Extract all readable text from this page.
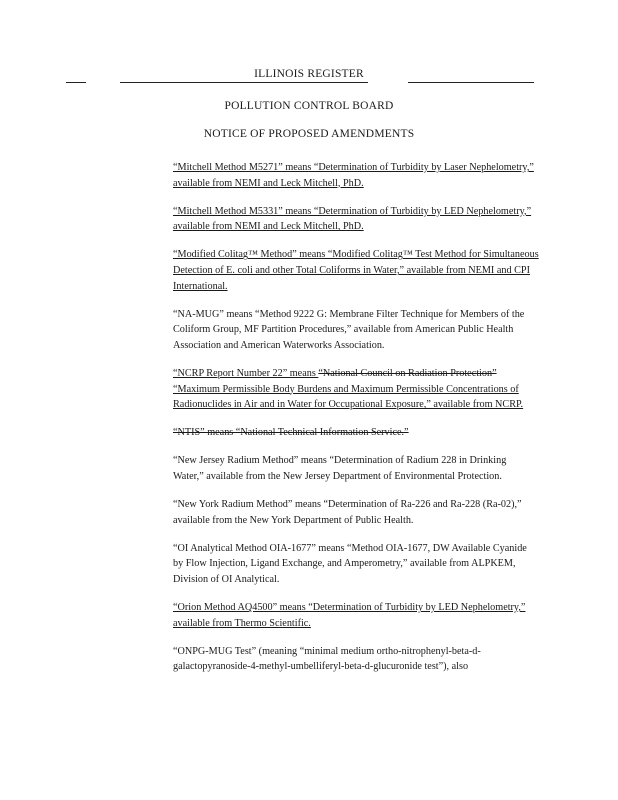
ILLINOIS REGISTER
POLLUTION CONTROL BOARD
NOTICE OF PROPOSED AMENDMENTS

“Mitchell Method M5271” means “Determination of Turbidity by Laser Nephelometry,” available from NEMI and Leck Mitchell, PhD.

“Mitchell Method M5331” means “Determination of Turbidity by LED Nephelometry,” available from NEMI and Leck Mitchell, PhD.

“Modified Colitag™ Method” means “Modified Colitag™ Test Method for Simultaneous Detection of E. coli and other Total Coliforms in Water,” available from NEMI and CPI International.

“NA-MUG” means “Method 9222 G: Membrane Filter Technique for Members of the Coliform Group, MF Partition Procedures,” available from American Public Health Association and American Waterworks Association.

“NCRP Report Number 22” means “National Council on Radiation Protection” “Maximum Permissible Body Burdens and Maximum Permissible Concentrations of Radionuclides in Air and in Water for Occupational Exposure,” available from NCRP.

“NTIS” means “National Technical Information Service.”

“New Jersey Radium Method” means “Determination of Radium 228 in Drinking Water,” available from the New Jersey Department of Environmental Protection.

“New York Radium Method” means “Determination of Ra-226 and Ra-228 (Ra-02),” available from the New York Department of Public Health.

“OI Analytical Method OIA-1677” means “Method OIA-1677, DW Available Cyanide by Flow Injection, Ligand Exchange, and Amperometry,” available from ALPKEM, Division of OI Analytical.

“Orion Method AQ4500” means “Determination of Turbidity by LED Nephelometry,” available from Thermo Scientific.

“ONPG-MUG Test” (meaning “minimal medium ortho-nitrophenyl-beta-d-galactopyranoside-4-methyl-umbelliferyl-beta-d-glucuronide test”), also
